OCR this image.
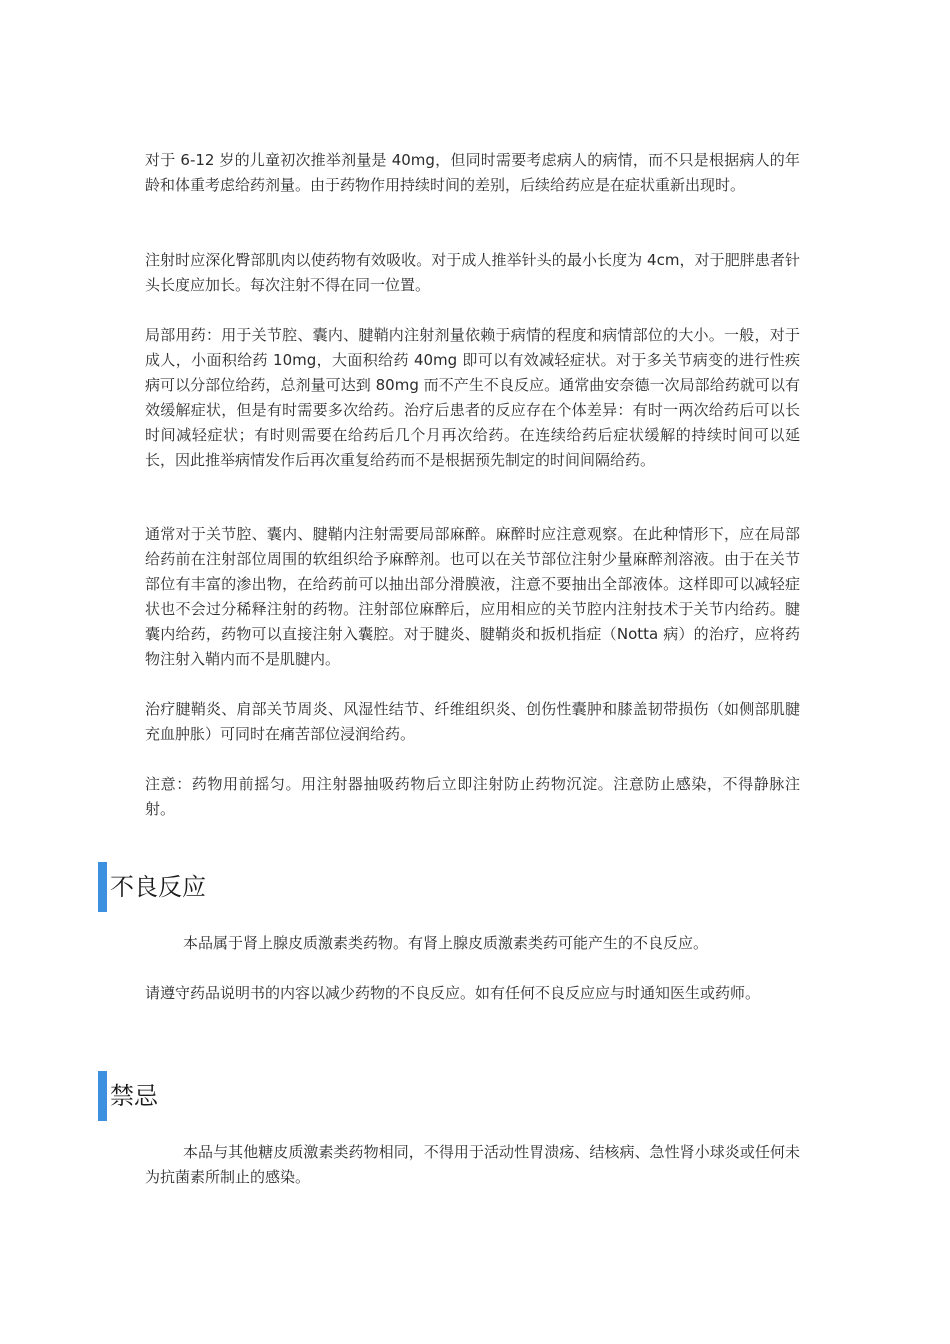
对于 6-12 岁的儿童初次推举剂量是 40mg，但同时需要考虑病人的病情，而不只是根据病人的年龄和体重考虑给药剂量。由于药物作用持续时间的差别，后续给药应是在症状重新出现时。

注射时应深化臀部肌肉以使药物有效吸收。对于成人推举针头的最小长度为 4cm，对于肥胖患者针头长度应加长。每次注射不得在同一位置。

局部用药：用于关节腔、囊内、腱鞘内注射剂量依赖于病情的程度和病情部位的大小。一般，对于成人，小面积给药 10mg，大面积给药 40mg 即可以有效减轻症状。对于多关节病变的进行性疾病可以分部位给药，总剂量可达到 80mg 而不产生不良反应。通常曲安奈德一次局部给药就可以有效缓解症状，但是有时需要多次给药。治疗后患者的反应存在个体差异：有时一两次给药后可以长时间减轻症状；有时则需要在给药后几个月再次给药。在连续给药后症状缓解的持续时间可以延长，因此推举病情发作后再次重复给药而不是根据预先制定的时间间隔给药。

通常对于关节腔、囊内、腱鞘内注射需要局部麻醉。麻醉时应注意观察。在此种情形下，应在局部给药前在注射部位周围的软组织给予麻醉剂。也可以在关节部位注射少量麻醉剂溶液。由于在关节部位有丰富的渗出物，在给药前可以抽出部分滑膜液，注意不要抽出全部液体。这样即可以减轻症状也不会过分稀释注射的药物。注射部位麻醉后，应用相应的关节腔内注射技术于关节内给药。腱囊内给药，药物可以直接注射入囊腔。对于腱炎、腱鞘炎和扳机指症（Notta 病）的治疗，应将药物注射入鞘内而不是肌腱内。

治疗腱鞘炎、肩部关节周炎、风湿性结节、纤维组织炎、创伤性囊肿和膝盖韧带损伤（如侧部肌腱充血肿胀）可同时在痛苦部位浸润给药。

注意：药物用前摇匀。用注射器抽吸药物后立即注射防止药物沉淀。注意防止感染，不得静脉注射。

不良反应

本品属于肾上腺皮质激素类药物。有肾上腺皮质激素类药可能产生的不良反应。

请遵守药品说明书的内容以减少药物的不良反应。如有任何不良反应应与时通知医生或药师。

禁忌

本品与其他糖皮质激素类药物相同，不得用于活动性胃溃疡、结核病、急性肾小球炎或任何未为抗菌素所制止的感染。
